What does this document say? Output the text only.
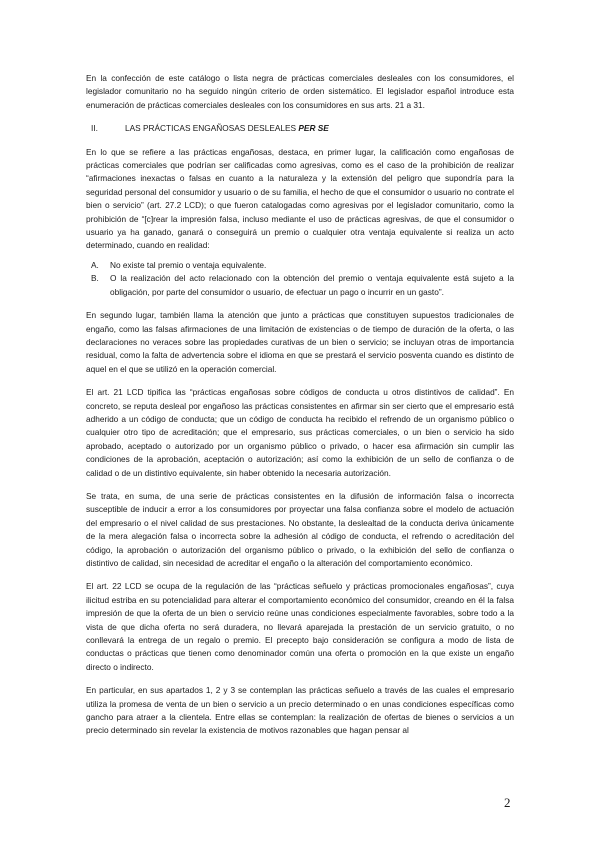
En la confección de este catálogo o lista negra de prácticas comerciales desleales con los consumidores, el legislador comunitario no ha seguido ningún criterio de orden sistemático. El legislador español introduce esta enumeración de prácticas comerciales desleales con los consumidores en sus arts. 21 a 31.

II.	LAS PRÁCTICAS ENGAÑOSAS DESLEALES PER SE

En lo que se refiere a las prácticas engañosas, destaca, en primer lugar, la calificación como engañosas de prácticas comerciales que podrían ser calificadas como agresivas, como es el caso de la prohibición de realizar “afirmaciones inexactas o falsas en cuanto a la naturaleza y la extensión del peligro que supondría para la seguridad personal del consumidor y usuario o de su familia, el hecho de que el consumidor o usuario no contrate el bien o servicio” (art. 27.2 LCD); o que fueron catalogadas como agresivas por el legislador comunitario, como la prohibición de “[c]rear la impresión falsa, incluso mediante el uso de prácticas agresivas, de que el consumidor o usuario ya ha ganado, ganará o conseguirá un premio o cualquier otra ventaja equivalente si realiza un acto determinado, cuando en realidad:

A.	No existe tal premio o ventaja equivalente.
B.	O la realización del acto relacionado con la obtención del premio o ventaja equivalente está sujeto a la obligación, por parte del consumidor o usuario, de efectuar un pago o incurrir en un gasto”.

En segundo lugar, también llama la atención que junto a prácticas que constituyen supuestos tradicionales de engaño, como las falsas afirmaciones de una limitación de existencias o de tiempo de duración de la oferta, o las declaraciones no veraces sobre las propiedades curativas de un bien o servicio; se incluyan otras de importancia residual, como la falta de advertencia sobre el idioma en que se prestará el servicio posventa cuando es distinto de aquel en el que se utilizó en la operación comercial.

El art. 21 LCD tipifica las “prácticas engañosas sobre códigos de conducta u otros distintivos de calidad”. En concreto, se reputa desleal por engañoso las prácticas consistentes en afirmar sin ser cierto que el empresario está adherido a un código de conducta; que un código de conducta ha recibido el refrendo de un organismo público o cualquier otro tipo de acreditación; que el empresario, sus prácticas comerciales, o un bien o servicio ha sido aprobado, aceptado o autorizado por un organismo público o privado, o hacer esa afirmación sin cumplir las condiciones de la aprobación, aceptación o autorización; así como la exhibición de un sello de confianza o de calidad o de un distintivo equivalente, sin haber obtenido la necesaria autorización.

Se trata, en suma, de una serie de prácticas consistentes en la difusión de información falsa o incorrecta susceptible de inducir a error a los consumidores por proyectar una falsa confianza sobre el modelo de actuación del empresario o el nivel calidad de sus prestaciones. No obstante, la deslealtad de la conducta deriva únicamente de la mera alegación falsa o incorrecta sobre la adhesión al código de conducta, el refrendo o acreditación del código, la aprobación o autorización del organismo público o privado, o la exhibición del sello de confianza o distintivo de calidad, sin necesidad de acreditar el engaño o la alteración del comportamiento económico.

El art. 22 LCD se ocupa de la regulación de las “prácticas señuelo y prácticas promocionales engañosas”, cuya ilicitud estriba en su potencialidad para alterar el comportamiento económico del consumidor, creando en él la falsa impresión de que la oferta de un bien o servicio reúne unas condiciones especialmente favorables, sobre todo a la vista de que dicha oferta no será duradera, no llevará aparejada la prestación de un servicio gratuito, o no conllevará la entrega de un regalo o premio. El precepto bajo consideración se configura a modo de lista de conductas o prácticas que tienen como denominador común una oferta o promoción en la que existe un engaño directo o indirecto.

En particular, en sus apartados 1, 2 y 3 se contemplan las prácticas señuelo a través de las cuales el empresario utiliza la promesa de venta de un bien o servicio a un precio determinado o en unas condiciones específicas como gancho para atraer a la clientela. Entre ellas se contemplan: la realización de ofertas de bienes o servicios a un precio determinado sin revelar la existencia de motivos razonables que hagan pensar al

2
